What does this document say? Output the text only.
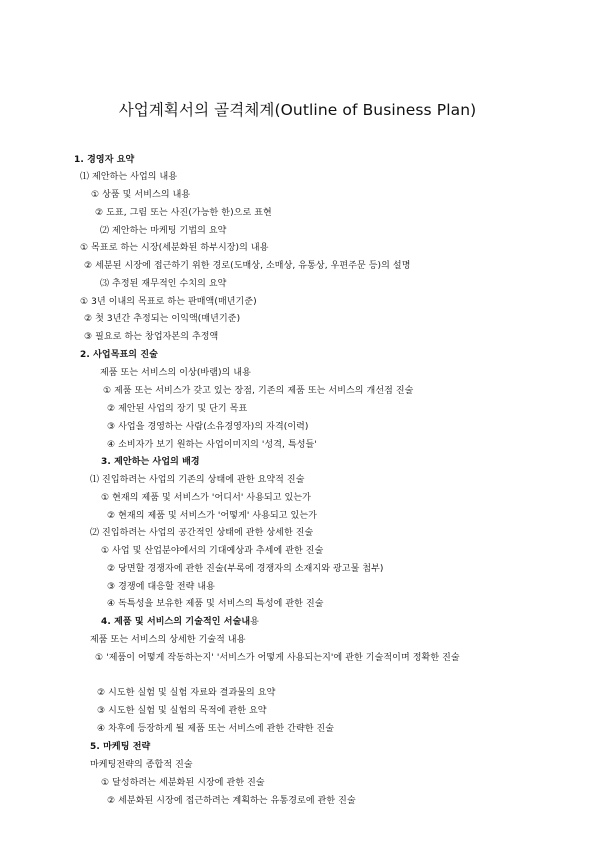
사업계획서의 골격체계(Outline of Business Plan)
1. 경영자 요약
⑴ 제안하는 사업의 내용
① 상품 및 서비스의 내용
② 도표, 그림 또는 사진(가능한 한)으로 표현
⑵ 제안하는 마케팅 기법의 요약
① 목표로 하는 시장(세분화된 하부시장)의 내용
② 세분된 시장에 접근하기 위한 경로(도매상, 소매상, 유통상, 우편주문 등)의 설명
⑶ 추정된 재무적인 수치의 요약
① 3년 이내의 목표로 하는 판매액(매년기준)
② 첫 3년간 추정되는 이익액(매년기준)
③ 필요로 하는 창업자본의 추정액
2. 사업목표의 진술
제품 또는 서비스의 이상(바램)의 내용
① 제품 또는 서비스가 갖고 있는 장점, 기존의 제품 또는 서비스의 개선점 진술
② 제안된 사업의 장기 및 단기 목표
③ 사업을 경영하는 사람(소유경영자)의 자격(이력)
④ 소비자가 보기 원하는 사업이미지의 '성격, 특성들'
3. 제안하는 사업의 배경
⑴ 진입하려는 사업의 기존의 상태에 관한 요약적 진술
① 현재의 제품 및 서비스가 '어디서' 사용되고 있는가
② 현재의 제품 및 서비스가 '어떻게' 사용되고 있는가
⑵ 진입하려는 사업의 공간적인 상태에 관한 상세한 진술
① 사업 및 산업분야에서의 기대예상과 추세에 관한 진술
② 당면할 경쟁자에 관한 진술(부록에 경쟁자의 소재지와 광고물 첨부)
③ 경쟁에 대응할 전략 내용
④ 독특성을 보유한 제품 및 서비스의 특성에 관한 진술
4. 제품 및 서비스의 기술적인 서술내용
제품 또는 서비스의 상세한 기술적 내용
① '제품이 어떻게 작동하는지' '서비스가 어떻게 사용되는지'에 관한 기술적이며 정확한 진술
② 시도한 실험 및 실험 자료와 결과물의 요약
③ 시도한 실험 및 실험의 목적에 관한 요약
④ 차후에 등장하게 될 제품 또는 서비스에 관한 간략한 진술
5. 마케팅 전략
마케팅전략의 종합적 진술
① 달성하려는 세분화된 시장에 관한 진술
② 세분화된 시장에 접근하려는 계획하는 유통경로에 관한 진술
